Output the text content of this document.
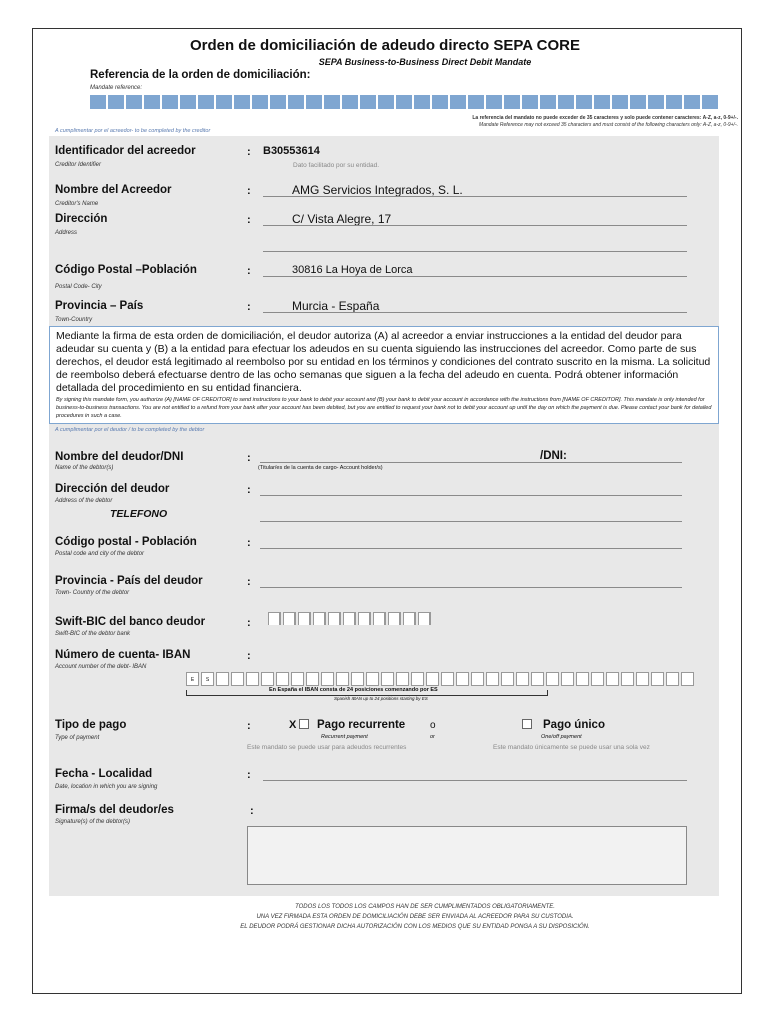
Orden de domiciliación de adeudo directo SEPA CORE
SEPA Business-to-Business Direct Debit Mandate
Referencia de la orden de domiciliación:
Mandate reference:
La referencia del mandato no puede exceder de 35 caracteres y solo puede contener caracteres: A-Z, a-z, 0-9+/-.
Mandate Reference may not exceed 35 characters and must consist of the following characters only: A-Z, a-z, 0-9+/-.
A cumplimentar por el acreedor- to be completed by the creditor
Identificador del acreedor
Creditor Identifier
: B30553614
Dato facilitado por su entidad.
Nombre del Acreedor
Creditor's Name
:	AMG Servicios Integrados, S. L.
Dirección
Address
:	C/ Vista Alegre, 17
Código Postal –Población
Postal Code- City
:	30816 La Hoya de Lorca
Provincia – País
Town-Country
:	Murcia - España
Mediante la firma de esta orden de domiciliación, el deudor autoriza (A) al acreedor a enviar instrucciones a la entidad del deudor para adeudar su cuenta y (B) a la entidad para efectuar los adeudos en su cuenta siguiendo las instrucciones del acreedor. Como parte de sus derechos, el deudor está legitimado al reembolso por su entidad en los términos y condiciones del contrato suscrito en la misma. La solicitud de reembolso deberá efectuarse dentro de las ocho semanas que siguen a la fecha del adeudo en cuenta. Podrá obtener información detallada del procedimiento en su entidad financiera.
By signing this mandate form, you authorize (A) [NAME OF CREDITOR] to send instructions to your bank to debit your account and (B) your bank to debit your account in accordance with the instructions from [NAME OF CREDITOR]. This mandate is only intended for business-to-business transactions. You are not entitled to a refund from your bank after your account has been debited, but you are entitled to request your bank not to debit your account up until the day on which the payment is due. Please contact your bank for detailed procedures in such a case.
A cumplimentar por el deudor / to be completed by the debtor
Nombre del deudor/DNI
Name of the debtor(s)
:
(Titular/es de la cuenta de cargo- Account holder/s)
/DNI:
Dirección del deudor
Address of the debtor
TELEFONO
:
Código postal - Población
Postal code and city of the debtor
:
Provincia - País del deudor
Town- Country of the debtor
:
Swift-BIC del banco deudor
Swift-BIC of the debtor bank
:
Número de cuenta- IBAN
Account number of the debt- IBAN
:
E	S
En España el IBAN consta de 24 posiciones comenzando por ES
Spanish IBAN up to 24 positions starting by ES
Tipo de pago
Type of payment
:	X Pago recurrente
Recurrent payment
Este mandato se puede usar para adeudos recurrentes
o
or
Pago único
One/off payment
Este mandato únicamente se puede usar una sola vez
Fecha - Localidad
Date, location in which you are signing
:
Firma/s del deudor/es
Signature(s) of the debtor(s)
:
TODOS LOS TODOS LOS CAMPOS HAN DE SER CUMPLIMENTADOS OBLIGATORIAMENTE.
UNA VEZ FIRMADA ESTA ORDEN DE DOMICILIACIÓN DEBE SER ENVIADA AL ACREEDOR PARA SU CUSTODIA.
EL DEUDOR PODRÁ GESTIONAR DICHA AUTORIZACIÓN CON LOS MEDIOS QUE SU ENTIDAD PONGA A SU DISPOSICIÓN.
